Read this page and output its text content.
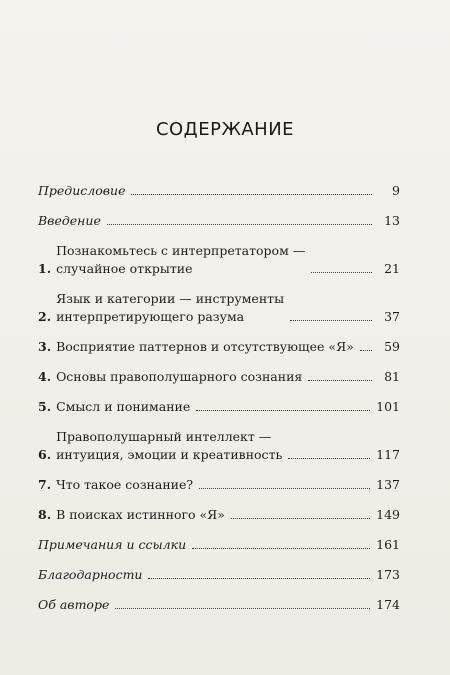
СОДЕРЖАНИЕ
Предисловие	9
Введение	13
1.
Познакомьтесь с интерпретатором —
случайное открытие	21
2.
Язык и категории — инструменты
интерпретирующего разума	37
3. Восприятие паттернов и отсутствующее «Я»	59
4. Основы правополушарного сознания	81
5. Смысл и понимание	101
6.
Правополушарный интеллект —
интуиция, эмоции и креативность	117
7. Что такое сознание?	137
8. В поисках истинного «Я»	149
Примечания и ссылки	161
Благодарности	173
Об авторе	174
